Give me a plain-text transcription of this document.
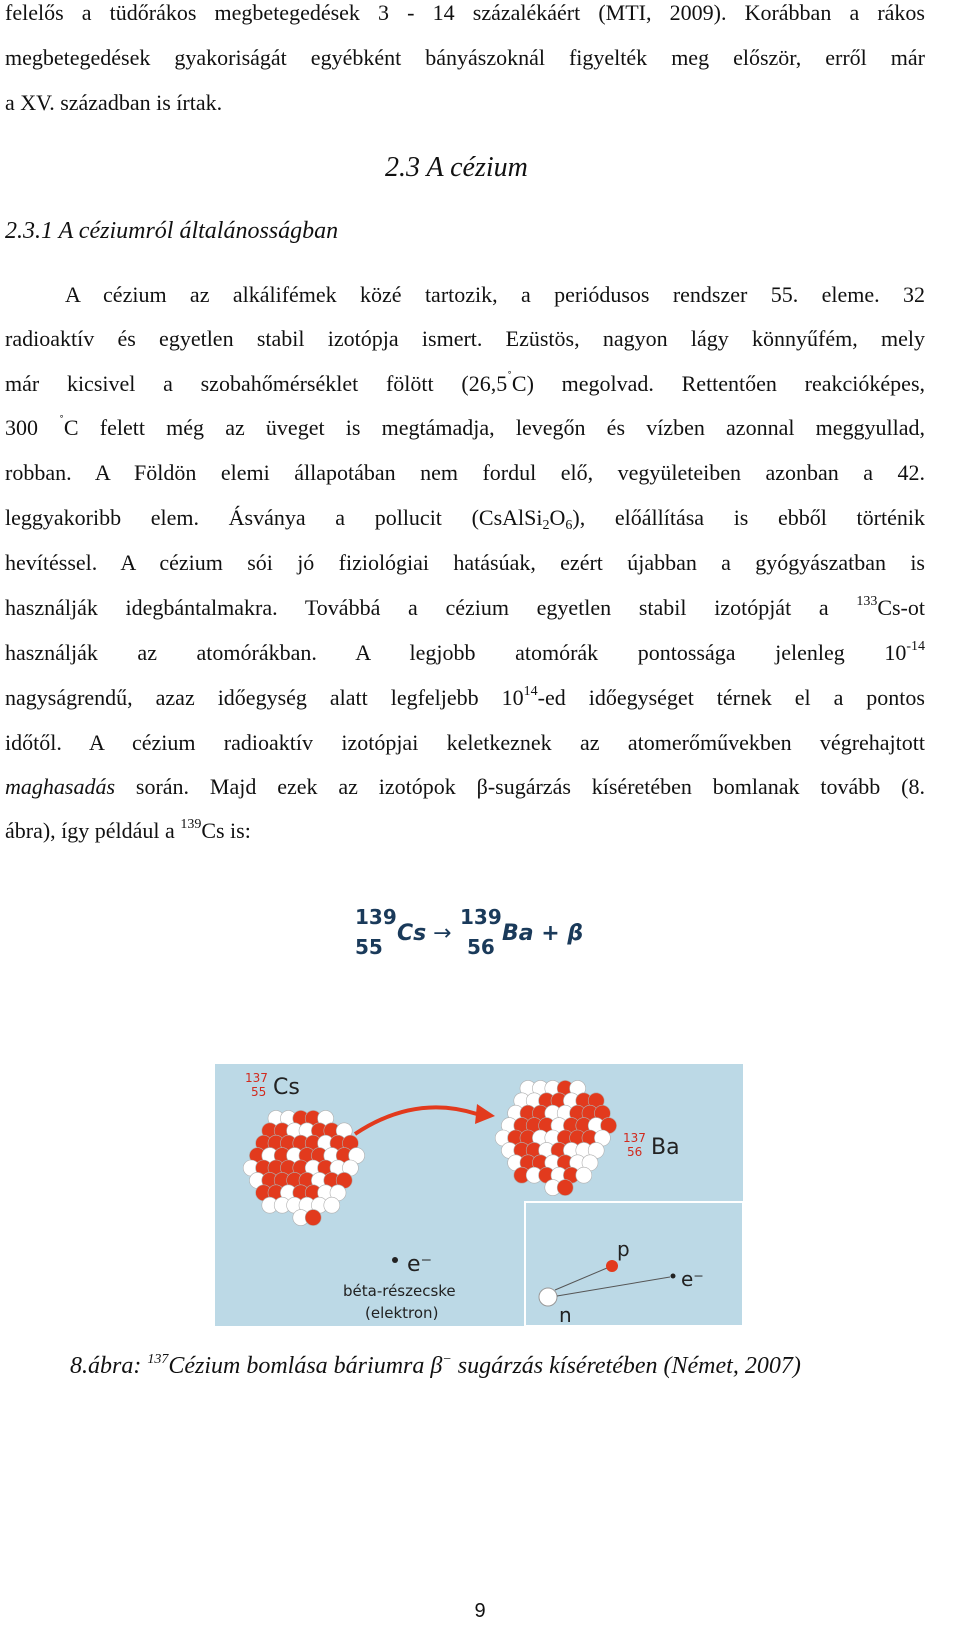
felelős a tüdőrákos megbetegedések 3 - 14 százalékáért (MTI, 2009). Korábban a rákos
megbetegedések gyakoriságát egyébként bányászoknál figyelték meg először, erről már
a XV. században is írtak.
2.3 A cézium
2.3.1 A céziumról általánosságban
A cézium az alkálifémek közé tartozik, a periódusos rendszer 55. eleme. 32
radioaktív és egyetlen stabil izotópja ismert. Ezüstös, nagyon lágy könnyűfém, mely
már kicsivel a szobahőmérséklet fölött (26,5˚C) megolvad. Rettentően reakcióképes,
300 ˚C felett még az üveget is megtámadja, levegőn és vízben azonnal meggyullad,
robban. A Földön elemi állapotában nem fordul elő, vegyületeiben azonban a 42.
leggyakoribb elem. Ásványa a pollucit $(CsAlSi_2O_6)$, előállítása is ebből történik
hevítéssel. A cézium sói jó fiziológiai hatásúak, ezért újabban a gyógyászatban is
használják idegbántalmakra. Továbbá a cézium egyetlen stabil izotópját a $^{133}$Cs-ot
használják az atomórákban. A legjobb atomórák pontossága jelenleg $10^{-14}$
nagyságrendű, azaz időegység alatt legfeljebb $10^{14}-ed$ időegységet térnek el a pontos
időtől. A cézium radioaktív izotópjai keletkeznek az atomerőművekben végrehajtott
maghasadás során. Majd ezek az izotópok β-sugárzás kíséretében bomlanak tovább (8.
ábra), így például a $^{139}$Cs is:
139
55
Cs →
139
56
Ba + β
137
55 Cs
137
56 Ba
e⁻
béta-részecske
(elektron)
p
n
e⁻
8.ábra: $^{137}$Cézium bomlása báriumra β− sugárzás kíséretében (Német, 2007)
9
